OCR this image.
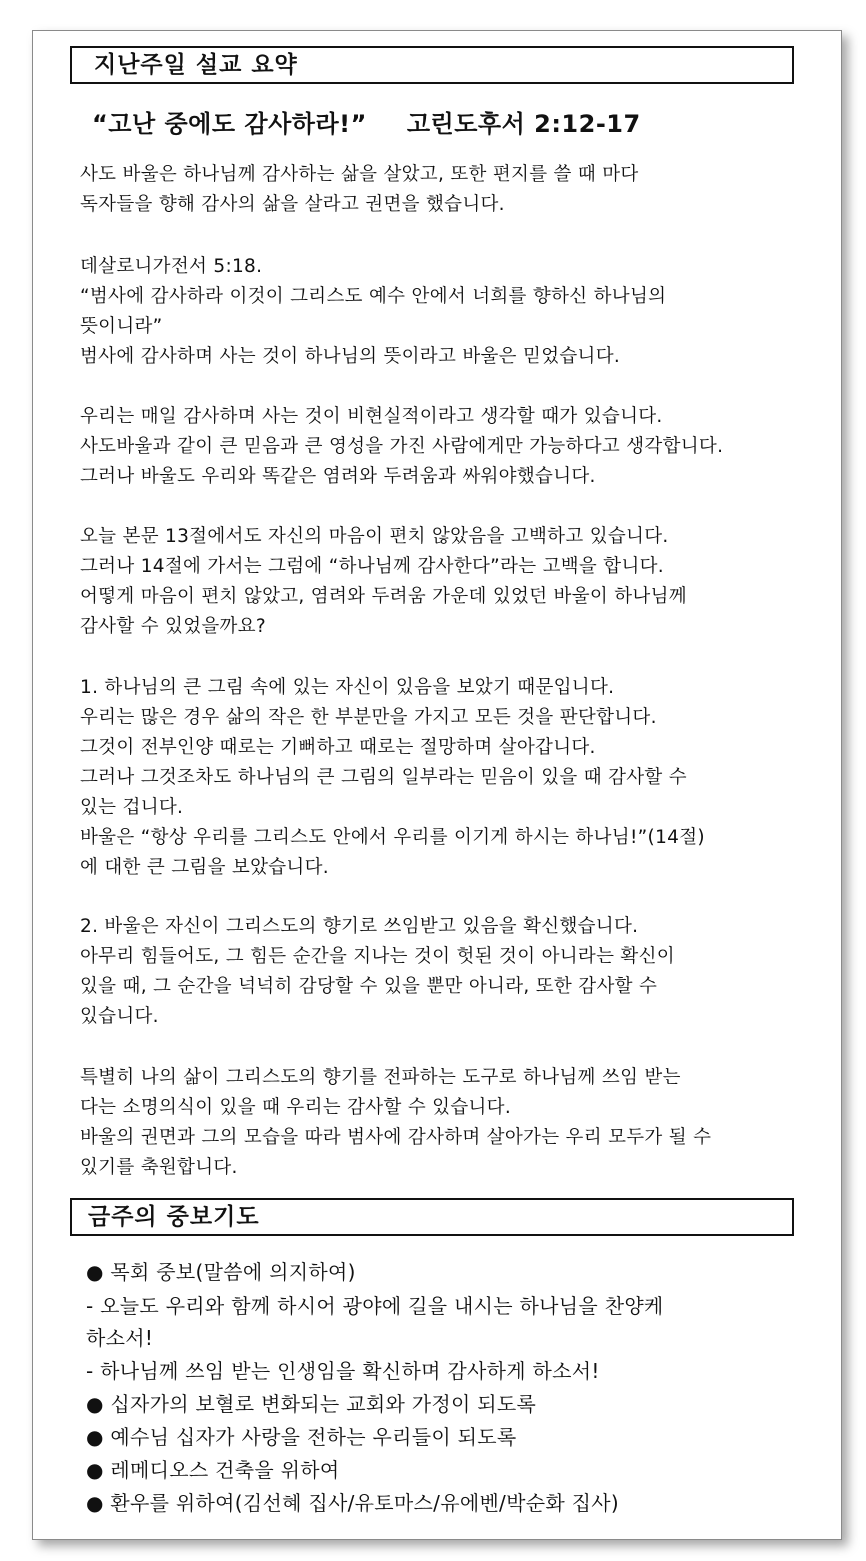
지난주일 설교 요약
“고난 중에도 감사하라!” 고린도후서 2:12-17
사도 바울은 하나님께 감사하는 삶을 살았고, 또한 편지를 쓸 때 마다
독자들을 향해 감사의 삶을 살라고 권면을 했습니다.
데살로니가전서 5:18.
“범사에 감사하라 이것이 그리스도 예수 안에서 너희를 향하신 하나님의
뜻이니라”
범사에 감사하며 사는 것이 하나님의 뜻이라고 바울은 믿었습니다.
우리는 매일 감사하며 사는 것이 비현실적이라고 생각할 때가 있습니다.
사도바울과 같이 큰 믿음과 큰 영성을 가진 사람에게만 가능하다고 생각합니다.
그러나 바울도 우리와 똑같은 염려와 두려움과 싸워야했습니다.
오늘 본문 13절에서도 자신의 마음이 편치 않았음을 고백하고 있습니다.
그러나 14절에 가서는 그럼에 “하나님께 감사한다”라는 고백을 합니다.
어떻게 마음이 편치 않았고, 염려와 두려움 가운데 있었던 바울이 하나님께
감사할 수 있었을까요?
1. 하나님의 큰 그림 속에 있는 자신이 있음을 보았기 때문입니다.
우리는 많은 경우 삶의 작은 한 부분만을 가지고 모든 것을 판단합니다.
그것이 전부인양 때로는 기뻐하고 때로는 절망하며 살아갑니다.
그러나 그것조차도 하나님의 큰 그림의 일부라는 믿음이 있을 때 감사할 수
있는 겁니다.
바울은 “항상 우리를 그리스도 안에서 우리를 이기게 하시는 하나님!”(14절)
에 대한 큰 그림을 보았습니다.
2. 바울은 자신이 그리스도의 향기로 쓰임받고 있음을 확신했습니다.
아무리 힘들어도, 그 힘든 순간을 지나는 것이 헛된 것이 아니라는 확신이
있을 때, 그 순간을 넉넉히 감당할 수 있을 뿐만 아니라, 또한 감사할 수
있습니다.
특별히 나의 삶이 그리스도의 향기를 전파하는 도구로 하나님께 쓰임 받는
다는 소명의식이 있을 때 우리는 감사할 수 있습니다.
바울의 권면과 그의 모습을 따라 범사에 감사하며 살아가는 우리 모두가 될 수
있기를 축원합니다.
금주의 중보기도
● 목회 중보(말씀에 의지하여)
- 오늘도 우리와 함께 하시어 광야에 길을 내시는 하나님을 찬양케
하소서!
- 하나님께 쓰임 받는 인생임을 확신하며 감사하게 하소서!
● 십자가의 보혈로 변화되는 교회와 가정이 되도록
● 예수님 십자가 사랑을 전하는 우리들이 되도록
● 레메디오스 건축을 위하여
● 환우를 위하여(김선혜 집사/유토마스/유에벤/박순화 집사)
